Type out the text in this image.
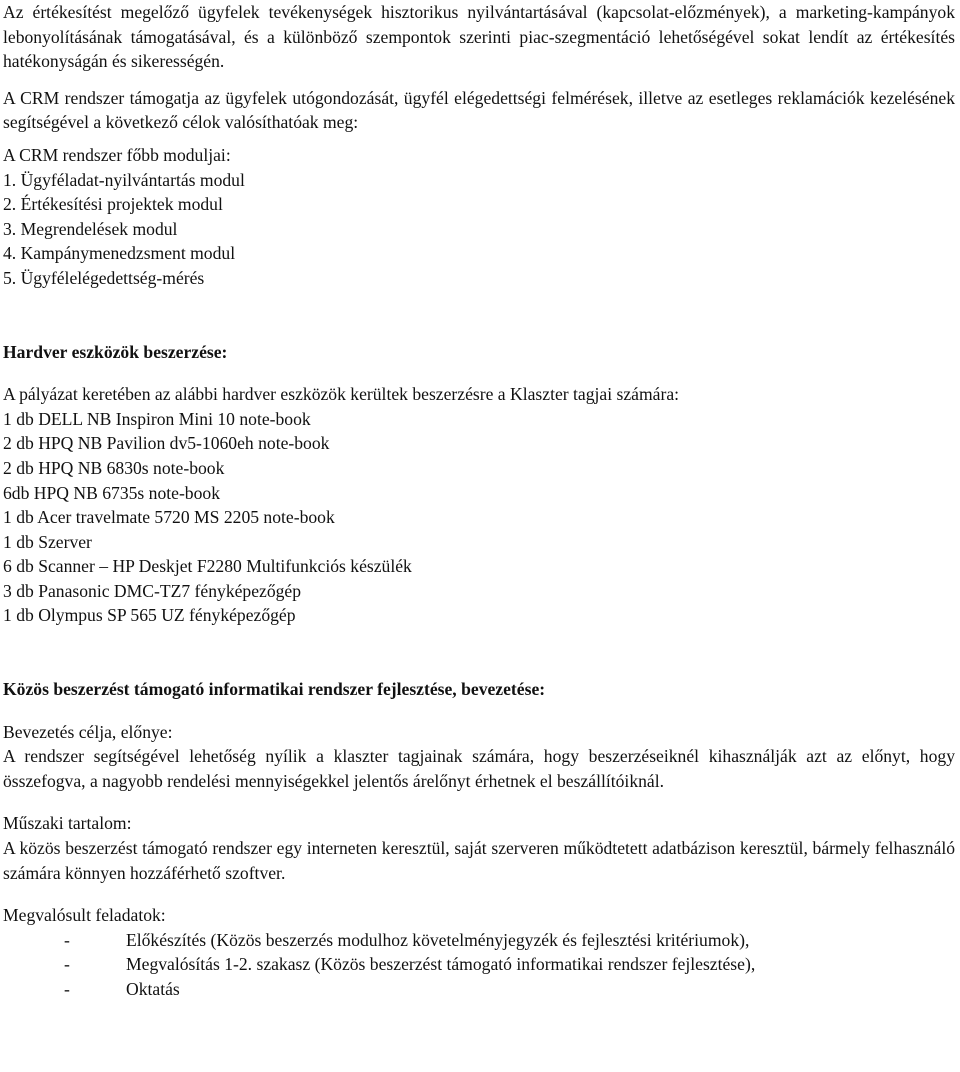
Az értékesítést megelőző ügyfelek tevékenységek hisztorikus nyilvántartásával (kapcsolat-előzmények), a marketing-kampányok lebonyolításának támogatásával, és a különböző szempontok szerinti piac-szegmentáció lehetőségével sokat lendít az értékesítés hatékonyságán és sikerességén.

A CRM rendszer támogatja az ügyfelek utógondozását, ügyfél elégedettségi felmérések, illetve az esetleges reklamációk kezelésének segítségével a következő célok valósíthatóak meg:

A CRM rendszer főbb moduljai:

1. Ügyféladat-nyilvántartás modul

2. Értékesítési projektek modul

3. Megrendelések modul

4. Kampánymenedzsment modul

5. Ügyfélelégedettség-mérés

Hardver eszközök beszerzése:

A pályázat keretében az alábbi hardver eszközök kerültek beszerzésre a Klaszter tagjai számára:

1 db DELL NB Inspiron Mini 10 note-book

2 db HPQ NB Pavilion dv5-1060eh note-book

2 db HPQ NB 6830s note-book

6db HPQ NB 6735s note-book

1 db Acer travelmate 5720 MS 2205 note-book

1 db Szerver

6 db Scanner – HP Deskjet F2280 Multifunkciós készülék

3 db Panasonic DMC-TZ7 fényképezőgép

1 db Olympus SP 565 UZ fényképezőgép

Közös beszerzést támogató informatikai rendszer fejlesztése, bevezetése:

Bevezetés célja, előnye:

A rendszer segítségével lehetőség nyílik a klaszter tagjainak számára, hogy beszerzéseiknél kihasználják azt az előnyt, hogy összefogva, a nagyobb rendelési mennyiségekkel jelentős árelőnyt érhetnek el beszállítóiknál.

Műszaki tartalom:

A közös beszerzést támogató rendszer egy interneten keresztül, saját szerveren működtetett adatbázison keresztül, bármely felhasználó számára könnyen hozzáférhető szoftver.

Megvalósult feladatok:

-	Előkészítés (Közös beszerzés modulhoz követelményjegyzék és fejlesztési kritériumok),
-	Megvalósítás 1-2. szakasz (Közös beszerzést támogató informatikai rendszer fejlesztése),
-	Oktatás
